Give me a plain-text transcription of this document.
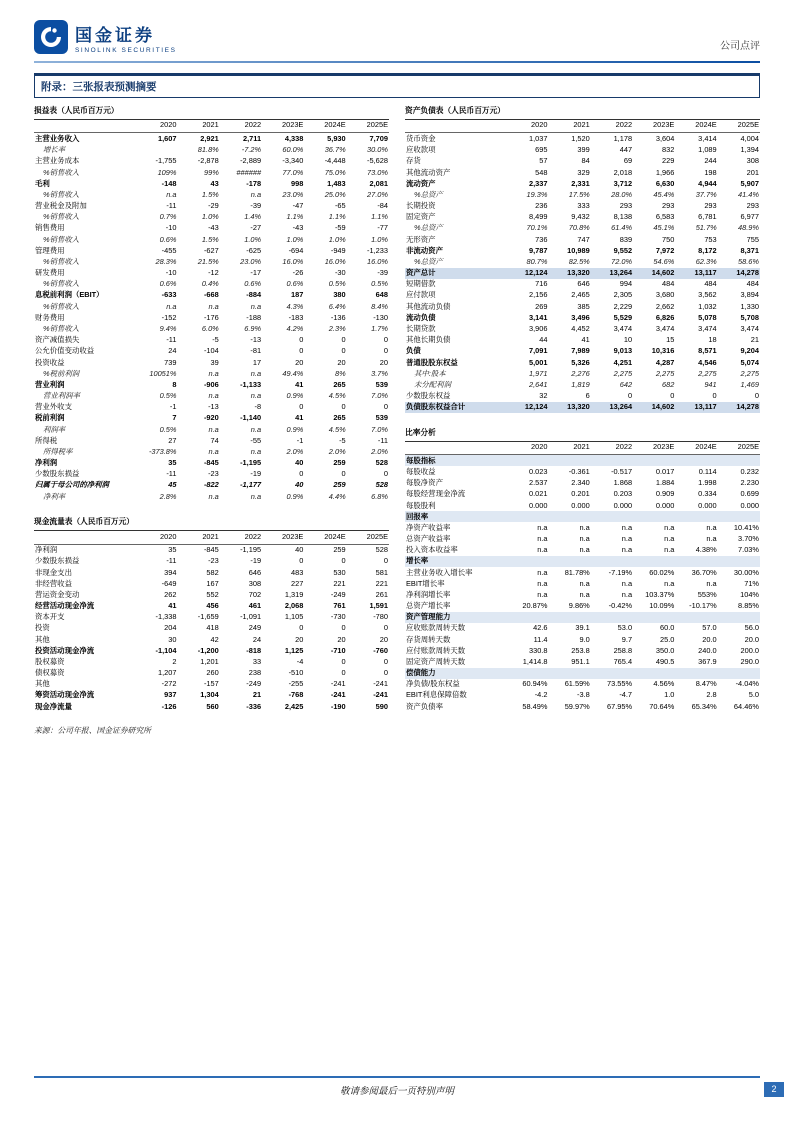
国金证券
SINOLINK SECURITIES	公司点评
附录：三张报表预测摘要
损益表（人民币百万元）						
	2020	2021	2022	2023E	2024E	2025E
主营业务收入	1,607	2,921	2,711	4,338	5,930	7,709
增长率		81.8%	-7.2%	60.0%	36.7%	30.0%
主营业务成本	-1,755	-2,878	-2,889	-3,340	-4,448	-5,628
%销售收入	109%	99%	######	77.0%	75.0%	73.0%
毛利	-148	43	-178	998	1,483	2,081
%销售收入	n.a	1.5%	n.a	23.0%	25.0%	27.0%
营业税金及附加	-11	-29	-39	-47	-65	-84
%销售收入	0.7%	1.0%	1.4%	1.1%	1.1%	1.1%
销售费用	-10	-43	-27	-43	-59	-77
%销售收入	0.6%	1.5%	1.0%	1.0%	1.0%	1.0%
管理费用	-455	-627	-625	-694	-949	-1,233
%销售收入	28.3%	21.5%	23.0%	16.0%	16.0%	16.0%
研发费用	-10	-12	-17	-26	-30	-39
%销售收入	0.6%	0.4%	0.6%	0.6%	0.5%	0.5%
息税前利润（EBIT）	-633	-668	-884	187	380	648
%销售收入	n.a	n.a	n.a	4.3%	6.4%	8.4%
财务费用	-152	-176	-188	-183	-136	-130
%销售收入	9.4%	6.0%	6.9%	4.2%	2.3%	1.7%
资产减值损失	-11	-5	-13	0	0	0
公允价值变动收益	24	-104	-81	0	0	0
投资收益	739	39	17	20	20	20
%税前利润	10051%	n.a	n.a	49.4%	8%	3.7%
营业利润	8	-906	-1,133	41	265	539
营业利润率	0.5%	n.a	n.a	0.9%	4.5%	7.0%
营业外收支	-1	-13	-8	0	0	0
税前利润	7	-920	-1,140	41	265	539
利润率	0.5%	n.a	n.a	0.9%	4.5%	7.0%
所得税	27	74	-55	-1	-5	-11
所得税率	-373.8%	n.a	n.a	2.0%	2.0%	2.0%
净利润	35	-845	-1,195	40	259	528
少数股东损益	-11	-23	-19	0	0	0
归属于母公司的净利润	45	-822	-1,177	40	259	528
净利率	2.8%	n.a	n.a	0.9%	4.4%	6.8%
现金流量表（人民币百万元）						
	2020	2021	2022	2023E	2024E	2025E
净利润	35	-845	-1,195	40	259	528
少数股东损益	-11	-23	-19	0	0	0
非现金支出	394	582	646	483	530	581
非经营收益	-649	167	308	227	221	221
营运资金变动	262	552	702	1,319	-249	261
经营活动现金净流	41	456	461	2,068	761	1,591
资本开支	-1,338	-1,659	-1,091	1,105	-730	-780
投资	204	418	249	0	0	0
其他	30	42	24	20	20	20
投资活动现金净流	-1,104	-1,200	-818	1,125	-710	-760
股权募资	2	1,201	33	-4	0	0
债权募资	1,207	260	238	-510	0	0
其他	-272	-157	-249	-255	-241	-241
筹资活动现金净流	937	1,304	21	-768	-241	-241
现金净流量	-126	560	-336	2,425	-190	590
来源：公司年报、国金证券研究所
资产负债表（人民币百万元）						
	2020	2021	2022	2023E	2024E	2025E
货币资金	1,037	1,520	1,178	3,604	3,414	4,004
应收款项	695	399	447	832	1,089	1,394
存货	57	84	69	229	244	308
其他流动资产	548	329	2,018	1,966	198	201
流动资产	2,337	2,331	3,712	6,630	4,944	5,907
%总资产	19.3%	17.5%	28.0%	45.4%	37.7%	41.4%
长期投资	236	333	293	293	293	293
固定资产	8,499	9,432	8,138	6,583	6,781	6,977
%总资产	70.1%	70.8%	61.4%	45.1%	51.7%	48.9%
无形资产	736	747	839	750	753	755
非流动资产	9,787	10,989	9,552	7,972	8,172	8,371
%总资产	80.7%	82.5%	72.0%	54.6%	62.3%	58.6%
资产总计	12,124	13,320	13,264	14,602	13,117	14,278
短期借款	716	646	994	484	484	484
应付款项	2,156	2,465	2,305	3,680	3,562	3,894
其他流动负债	269	385	2,229	2,662	1,032	1,330
流动负债	3,141	3,496	5,529	6,826	5,078	5,708
长期贷款	3,906	4,452	3,474	3,474	3,474	3,474
其他长期负债	44	41	10	15	18	21
负债	7,091	7,989	9,013	10,316	8,571	9,204
普通股股东权益	5,001	5,326	4,251	4,287	4,546	5,074
其中:股本	1,971	2,276	2,275	2,275	2,275	2,275
未分配利润	2,641	1,819	642	682	941	1,469
少数股东权益	32	6	0	0	0	0
负债股东权益合计	12,124	13,320	13,264	14,602	13,117	14,278
比率分析						
	2020	2021	2022	2023E	2024E	2025E
每股指标						
每股收益	0.023	-0.361	-0.517	0.017	0.114	0.232
每股净资产	2.537	2.340	1.868	1.884	1.998	2.230
每股经营现金净流	0.021	0.201	0.203	0.909	0.334	0.699
每股股利	0.000	0.000	0.000	0.000	0.000	0.000
回报率						
净资产收益率	n.a	n.a	n.a	n.a	n.a	10.41%
总资产收益率	n.a	n.a	n.a	n.a	n.a	3.70%
投入资本收益率	n.a	n.a	n.a	n.a	4.38%	7.03%
增长率						
主营业务收入增长率	n.a	81.78%	-7.19%	60.02%	36.70%	30.00%
EBIT增长率	n.a	n.a	n.a	n.a	n.a	71%
净利润增长率	n.a	n.a	n.a	103.37%	553%	104%
总资产增长率	20.87%	9.86%	-0.42%	10.09%	-10.17%	8.85%
资产管理能力						
应收账款周转天数	42.6	39.1	53.0	60.0	57.0	56.0
存货周转天数	11.4	9.0	9.7	25.0	20.0	20.0
应付账款周转天数	330.8	253.8	258.8	350.0	240.0	200.0
固定资产周转天数	1,414.8	951.1	765.4	490.5	367.9	290.0
偿债能力						
净负债/股东权益	60.94%	61.59%	73.55%	4.56%	8.47%	-4.04%
EBIT利息保障倍数	-4.2	-3.8	-4.7	1.0	2.8	5.0
资产负债率	58.49%	59.97%	67.95%	70.64%	65.34%	64.46%
敬请参阅最后一页特别声明	2
